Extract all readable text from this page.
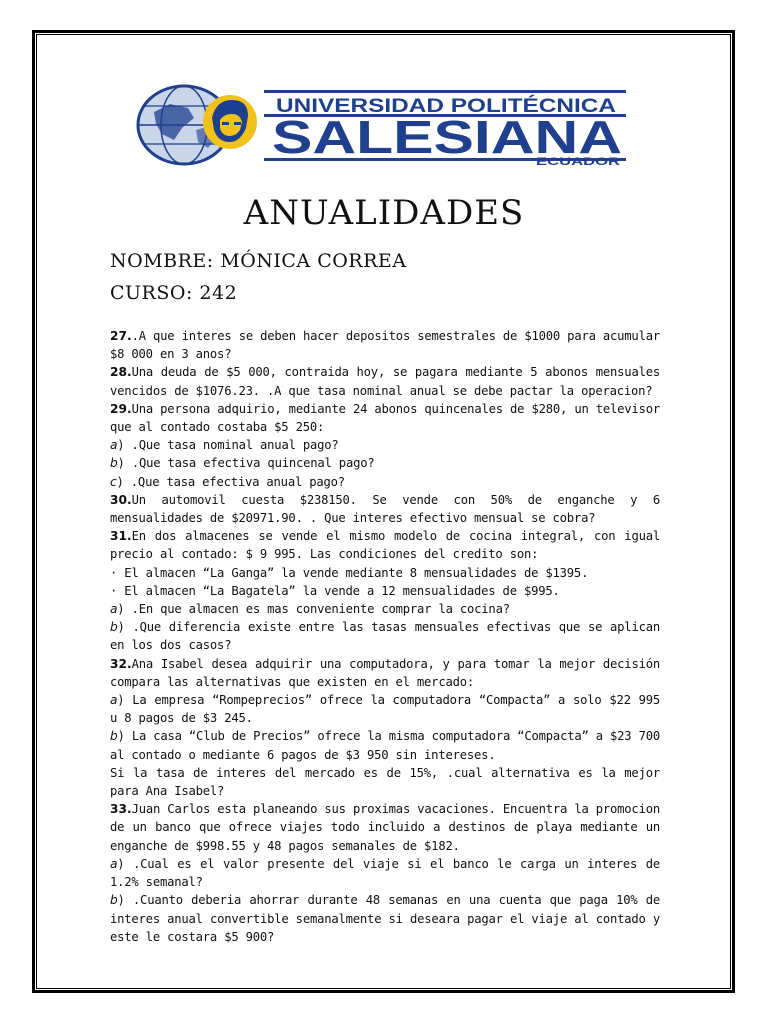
UNIVERSIDAD POLITÉCNICA
SALESIANA
ECUADOR
ANUALIDADES
NOMBRE: MÓNICA CORREA
CURSO: 242
27..A que interes se deben hacer depositos semestrales de $1000 para acumular $8 000 en 3 anos?
28.Una deuda de $5 000, contraida hoy, se pagara mediante 5 abonos mensuales vencidos de $1076.23. .A que tasa nominal anual se debe pactar la operacion?
29.Una persona adquirio, mediante 24 abonos quincenales de $280, un televisor que al contado costaba $5 250:
a) .Que tasa nominal anual pago?
b) .Que tasa efectiva quincenal pago?
c) .Que tasa efectiva anual pago?
30.Un automovil cuesta $238150. Se vende con 50% de enganche y 6 mensualidades de $20971.90. . Que interes efectivo mensual se cobra?
31.En dos almacenes se vende el mismo modelo de cocina integral, con igual precio al contado: $ 9 995. Las condiciones del credito son:
· El almacen “La Ganga” la vende mediante 8 mensualidades de $1395.
· El almacen “La Bagatela” la vende a 12 mensualidades de $995.
a) .En que almacen es mas conveniente comprar la cocina?
b) .Que diferencia existe entre las tasas mensuales efectivas que se aplican en los dos casos?
32.Ana Isabel desea adquirir una computadora, y para tomar la mejor decisión compara las alternativas que existen en el mercado:
a) La empresa “Rompeprecios” ofrece la computadora “Compacta” a solo $22 995 u 8 pagos de $3 245.
b) La casa “Club de Precios” ofrece la misma computadora “Compacta” a $23 700 al contado o mediante 6 pagos de $3 950 sin intereses.
Si la tasa de interes del mercado es de 15%, .cual alternativa es la mejor para Ana Isabel?
33.Juan Carlos esta planeando sus proximas vacaciones. Encuentra la promocion de un banco que ofrece viajes todo incluido a destinos de playa mediante un enganche de $998.55 y 48 pagos semanales de $182.
a) .Cual es el valor presente del viaje si el banco le carga un interes de 1.2% semanal?
b) .Cuanto deberia ahorrar durante 48 semanas en una cuenta que paga 10% de interes anual convertible semanalmente si deseara pagar el viaje al contado y este le costara $5 900?
